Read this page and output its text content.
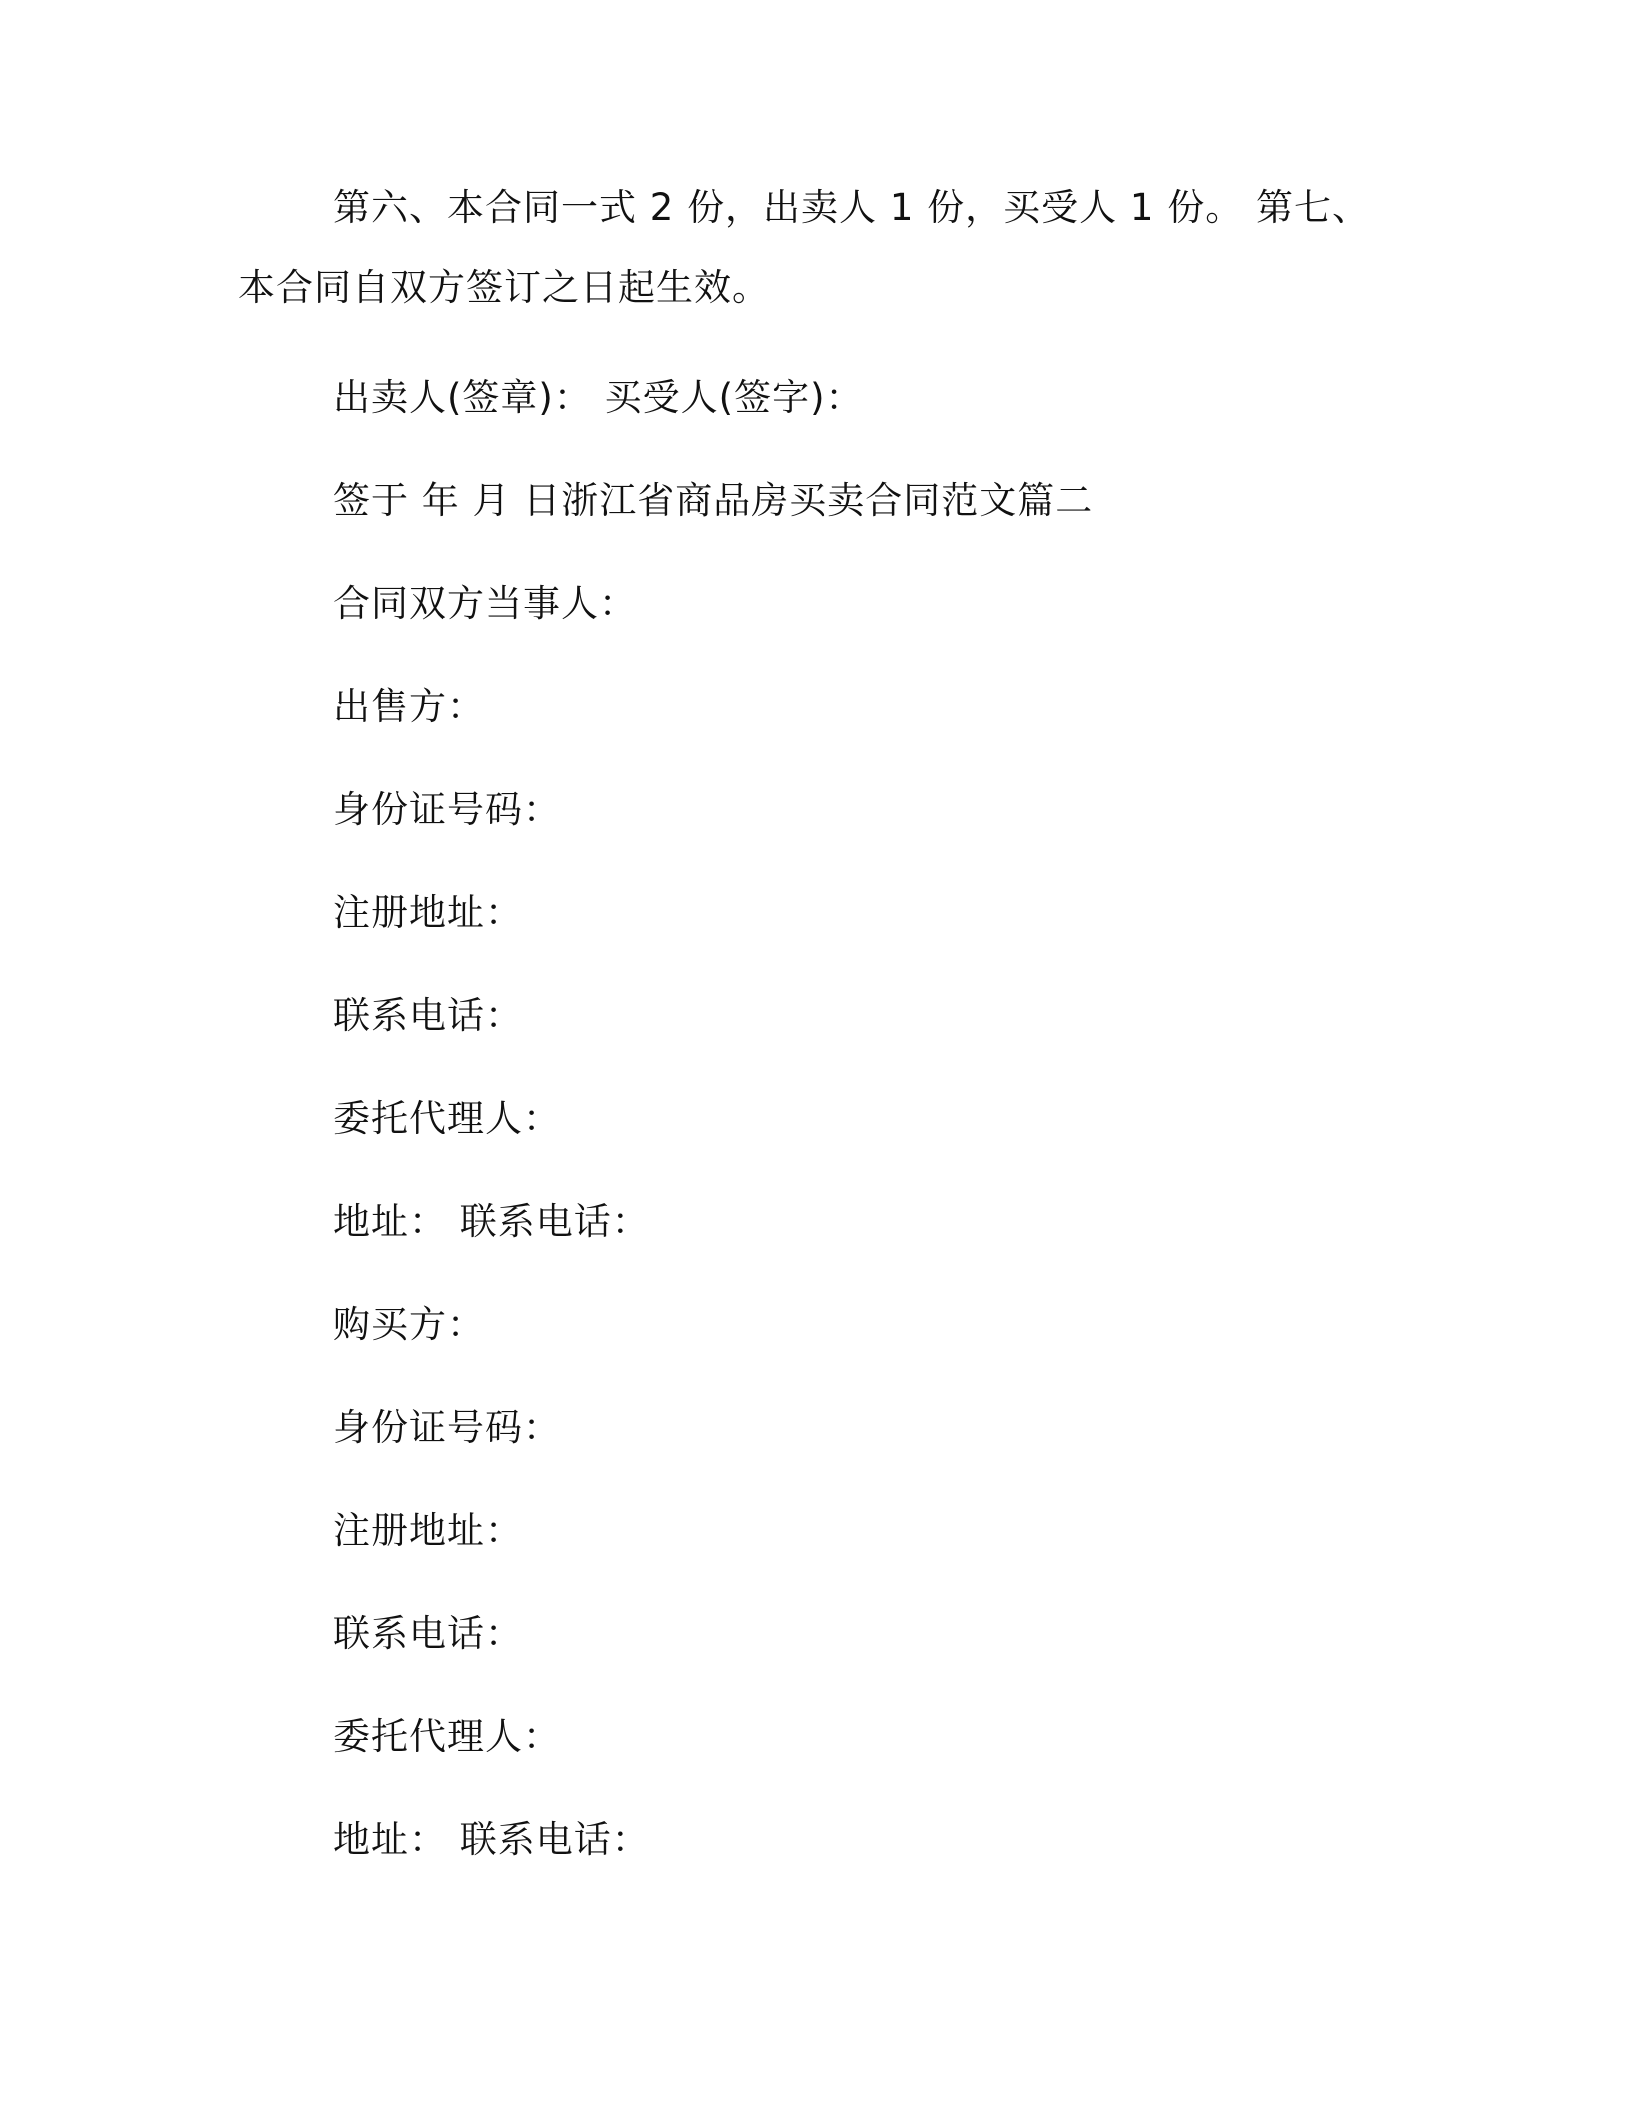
第六、本合同一式 2 份，出卖人 1 份，买受人 1 份。 第七、本合同自双方签订之日起生效。

出卖人(签章)： 买受人(签字)：

签于 年 月 日浙江省商品房买卖合同范文篇二

合同双方当事人：

出售方：

身份证号码：

注册地址：

联系电话：

委托代理人：

地址： 联系电话：

购买方：

身份证号码：

注册地址：

联系电话：

委托代理人：

地址： 联系电话：
